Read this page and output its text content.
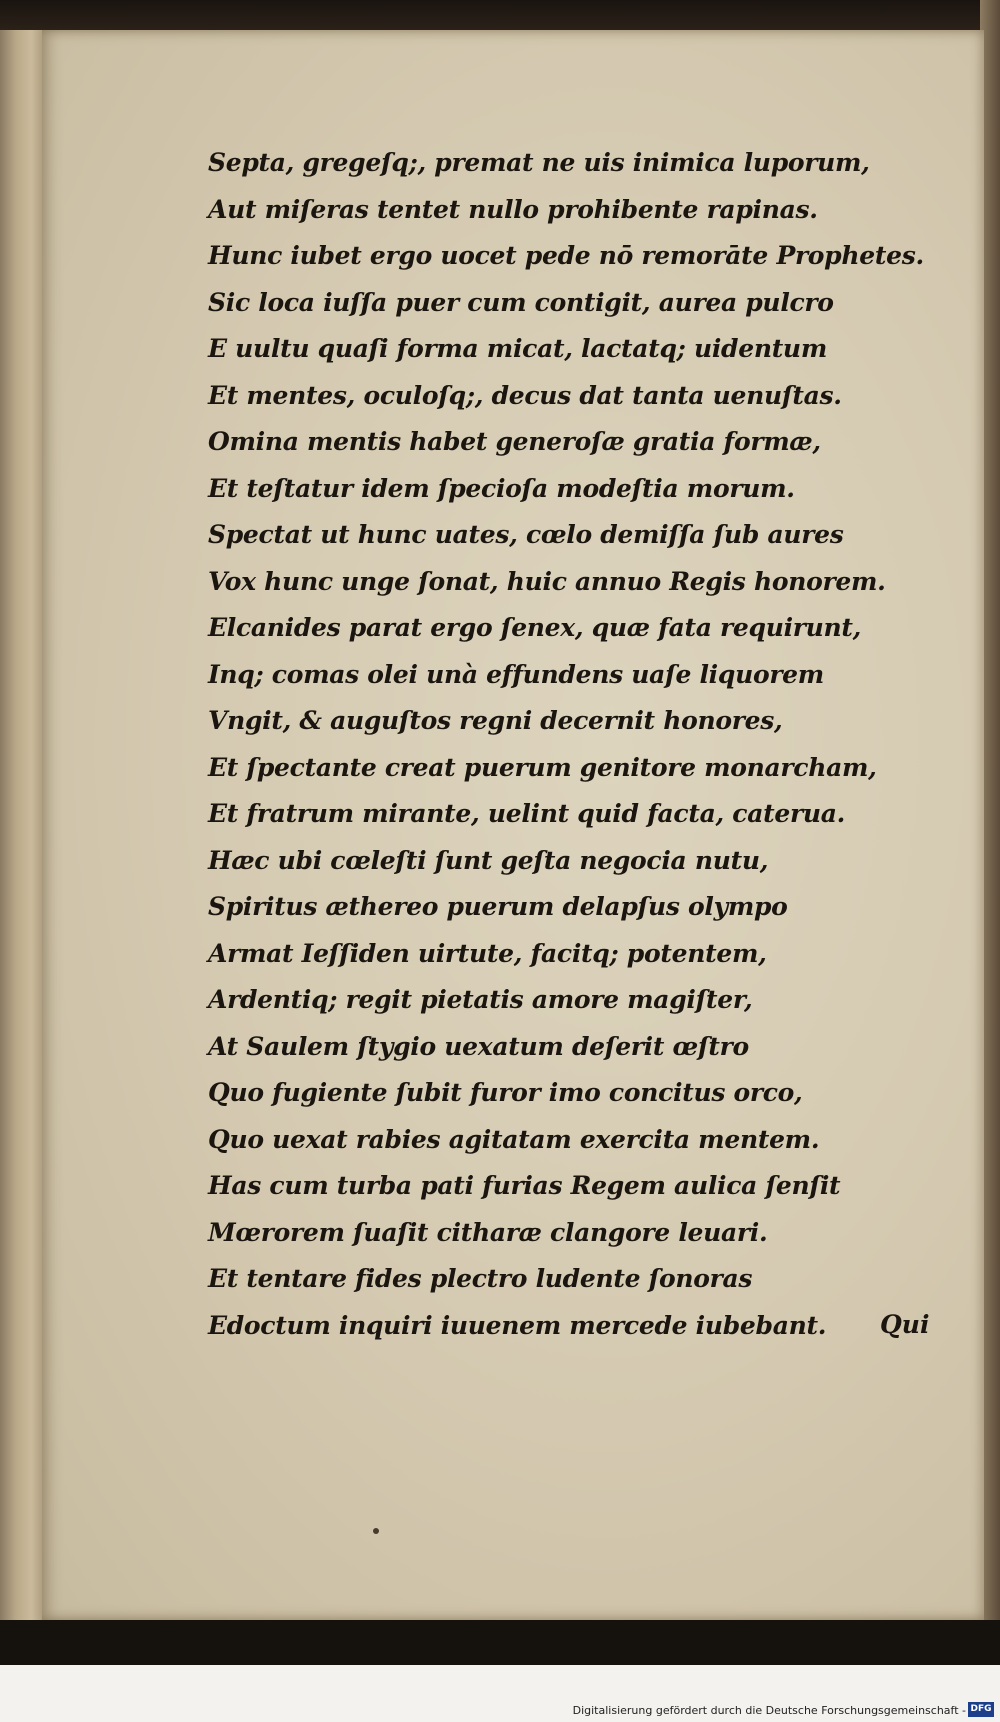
Septa, gregeſq;, premat ne uis inimica luporum,
Aut miſeras tentet nullo prohibente rapinas.
Hunc iubet ergo uocet pede nō remorāte Prophetes.
Sic loca iuſſa puer cum contigit, aurea pulcro
E uultu quaſi forma micat, lactatq; uidentum
Et mentes, oculoſq;, decus dat tanta uenuſtas.
Omina mentis habet generoſæ gratia formæ,
Et teſtatur idem ſpecioſa modeſtia morum.
Spectat ut hunc uates, cœlo demiſſa ſub aures
Vox hunc unge ſonat, huic annuo Regis honorem.
Elcanides parat ergo ſenex, quæ fata requirunt,
Inq; comas olei unà effundens uaſe liquorem
Vngit, & auguſtos regni decernit honores,
Et ſpectante creat puerum genitore monarcham,
Et fratrum mirante, uelint quid facta, caterua.
Hæc ubi cœleſti ſunt geſta negocia nutu,
Spiritus æthereo puerum delapſus olympo
Armat Ieſſiden uirtute, facitq; potentem,
Ardentiq; regit pietatis amore magiſter,
At Saulem ſtygio uexatum deſerit œſtro
Quo fugiente ſubit furor imo concitus orco,
Quo uexat rabies agitatam exercita mentem.
Has cum turba pati furias Regem aulica ſenſit
Mœrorem ſuaſit citharæ clangore leuari.
Et tentare fides plectro ludente ſonoras
Edoctum inquiri iuuenem mercede iubebant.	Qui
Digitalisierung gefördert durch die Deutsche Forschungsgemeinschaft - DFG
